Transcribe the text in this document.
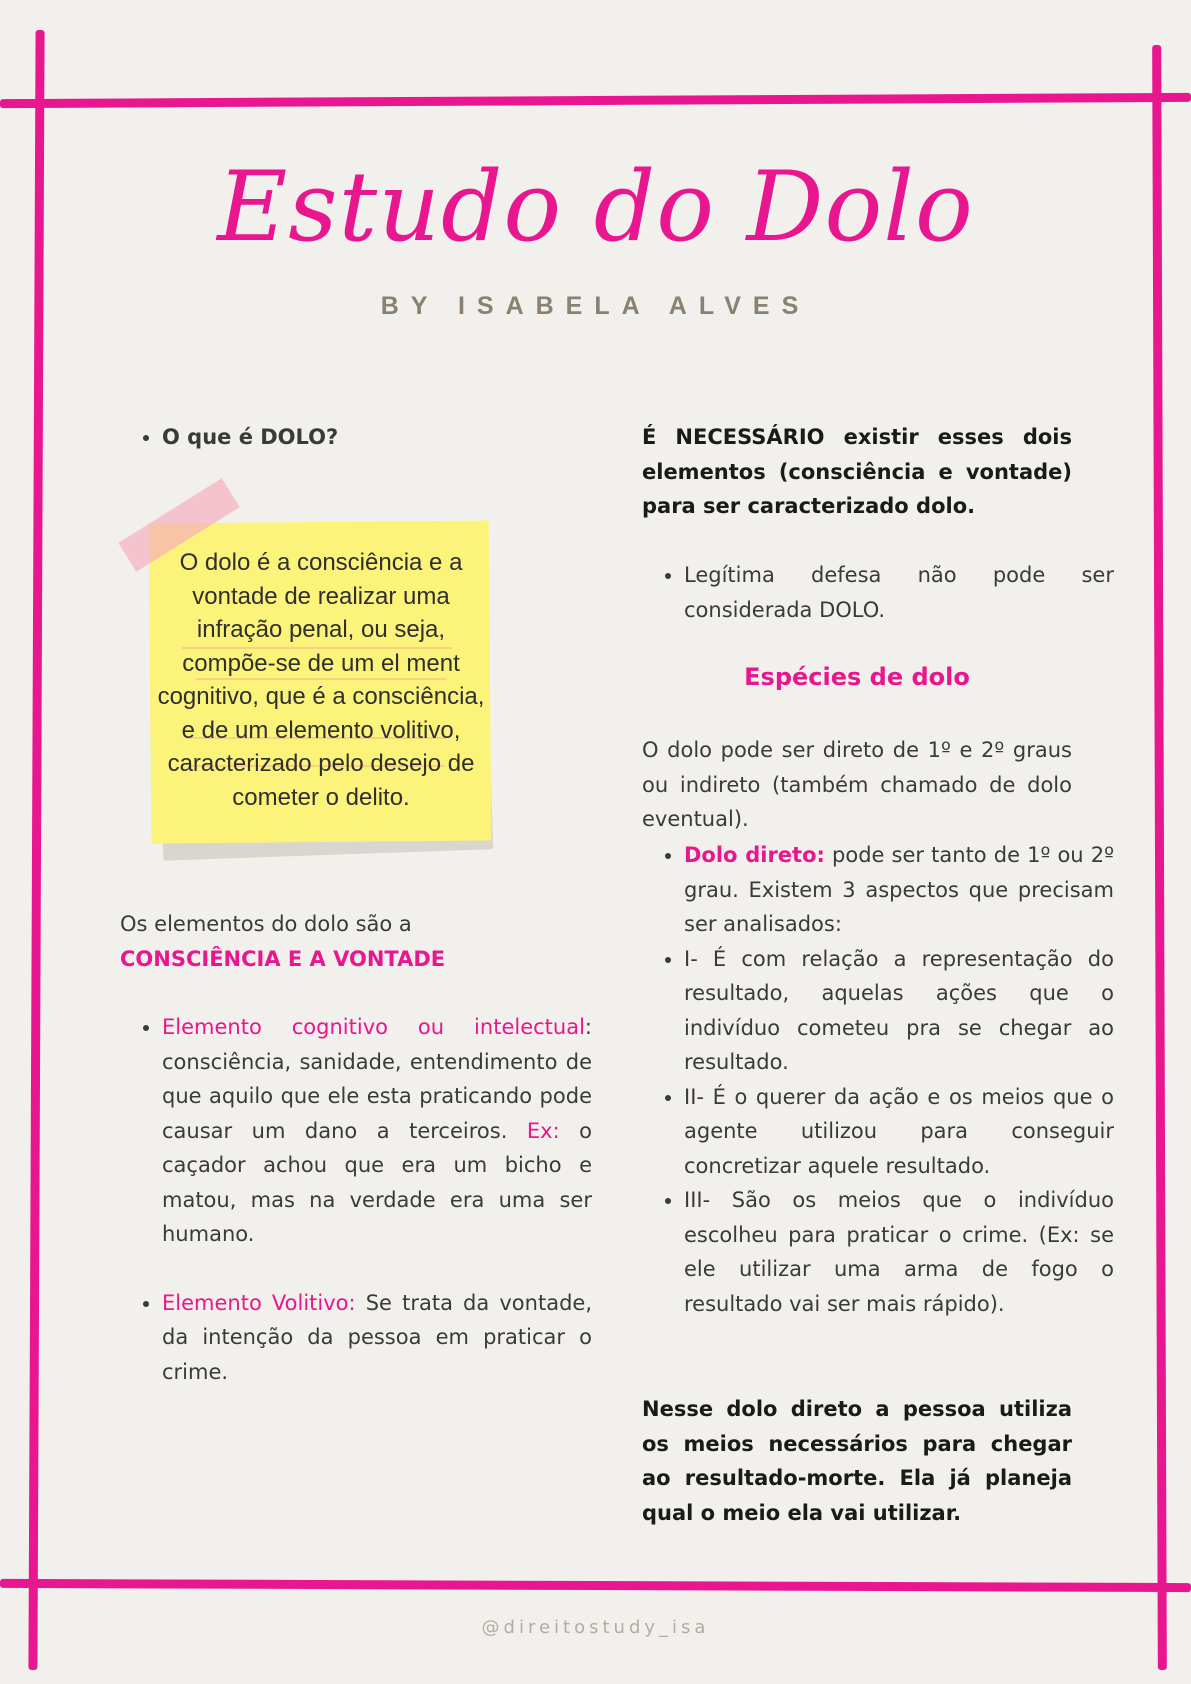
Estudo do Dolo
BY ISABELA ALVES
• O que é DOLO?
O dolo é a consciência e a vontade de realizar uma infração penal, ou seja, compõe-se de um el ment cognitivo, que é a consciência, e de um elemento volitivo, caracterizado pelo desejo de cometer o delito.
Os elementos do dolo são a
CONSCIÊNCIA E A VONTADE
• Elemento cognitivo ou intelectual: consciência, sanidade, entendimento de que aquilo que ele esta praticando pode causar um dano a terceiros. Ex: o caçador achou que era um bicho e matou, mas na verdade era uma ser humano.
• Elemento Volitivo: Se trata da vontade, da intenção da pessoa em praticar o crime.
É NECESSÁRIO existir esses dois elementos (consciência e vontade) para ser caracterizado dolo.
• Legítima defesa não pode ser considerada DOLO.
Espécies de dolo

O dolo pode ser direto de 1º e 2º graus ou indireto (também chamado de dolo eventual).

• Dolo direto: pode ser tanto de 1º ou 2º grau. Existem 3 aspectos que precisam ser analisados:
• I- É com relação a representação do resultado, aquelas ações que o indivíduo cometeu pra se chegar ao resultado.
• II- É o querer da ação e os meios que o agente utilizou para conseguir concretizar aquele resultado.
• III- São os meios que o indivíduo escolheu para praticar o crime. (Ex: se ele utilizar uma arma de fogo o resultado vai ser mais rápido).
Nesse dolo direto a pessoa utiliza os meios necessários para chegar ao resultado-morte. Ela já planeja qual o meio ela vai utilizar.
@direitostudy_isa
